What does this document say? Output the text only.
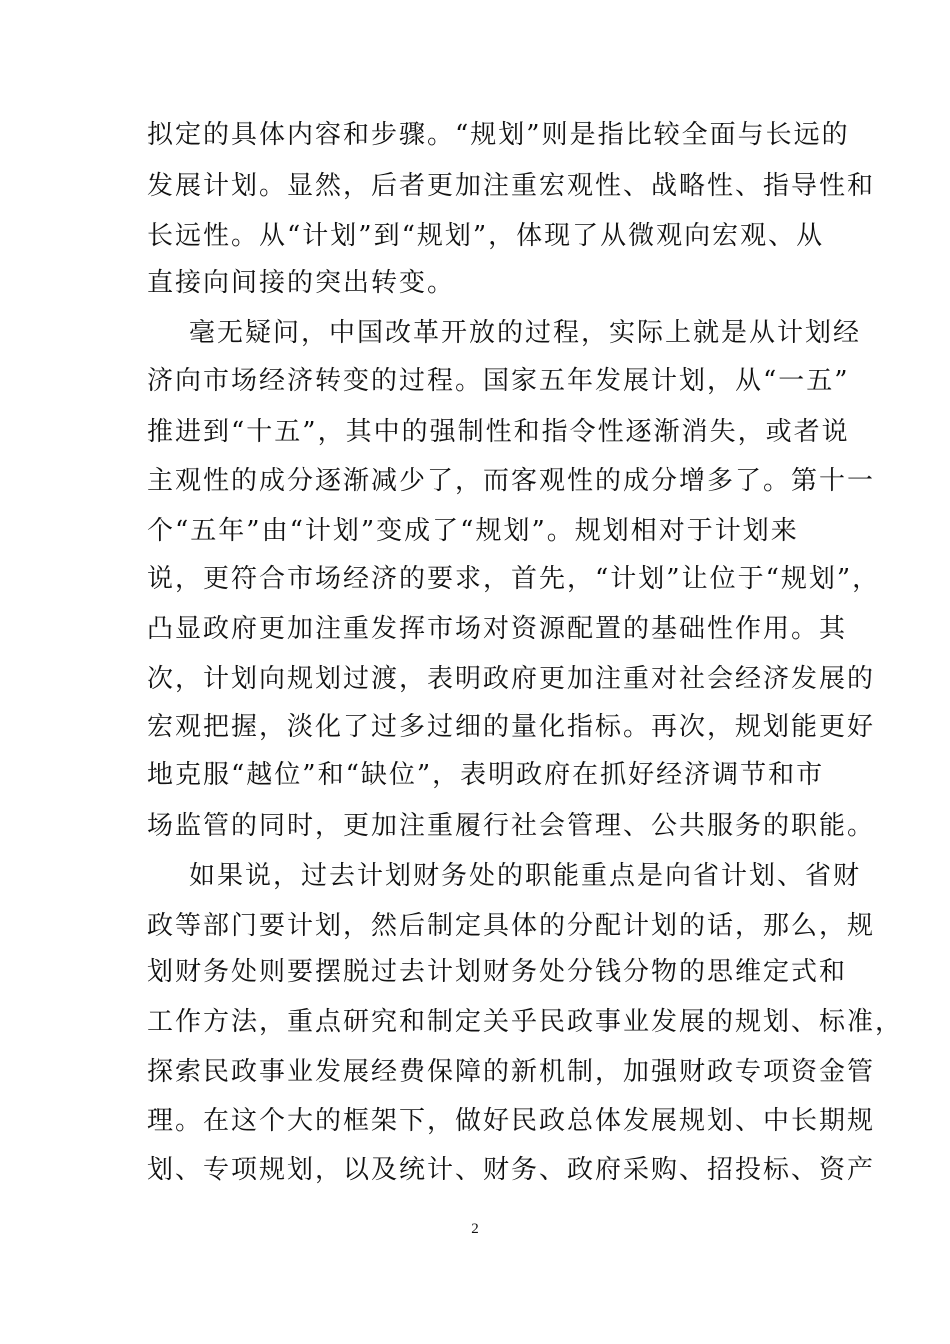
拟定的具体内容和步骤。“规划”则是指比较全面与长远的
发展计划。显然，后者更加注重宏观性、战略性、指导性和
长远性。从“计划”到“规划”，体现了从微观向宏观、从
直接向间接的突出转变。
毫无疑问，中国改革开放的过程，实际上就是从计划经
济向市场经济转变的过程。国家五年发展计划，从“一五”
推进到“十五”，其中的强制性和指令性逐渐消失，或者说
主观性的成分逐渐减少了，而客观性的成分增多了。第十一
个“五年”由“计划”变成了“规划”。规划相对于计划来
说，更符合市场经济的要求，首先，“计划”让位于“规划”，
凸显政府更加注重发挥市场对资源配置的基础性作用。其
次，计划向规划过渡，表明政府更加注重对社会经济发展的
宏观把握，淡化了过多过细的量化指标。再次，规划能更好
地克服“越位”和“缺位”，表明政府在抓好经济调节和市
场监管的同时，更加注重履行社会管理、公共服务的职能。
如果说，过去计划财务处的职能重点是向省计划、省财
政等部门要计划，然后制定具体的分配计划的话，那么，规
划财务处则要摆脱过去计划财务处分钱分物的思维定式和
工作方法，重点研究和制定关乎民政事业发展的规划、标准，
探索民政事业发展经费保障的新机制，加强财政专项资金管
理。在这个大的框架下，做好民政总体发展规划、中长期规
划、专项规划，以及统计、财务、政府采购、招投标、资产
2
